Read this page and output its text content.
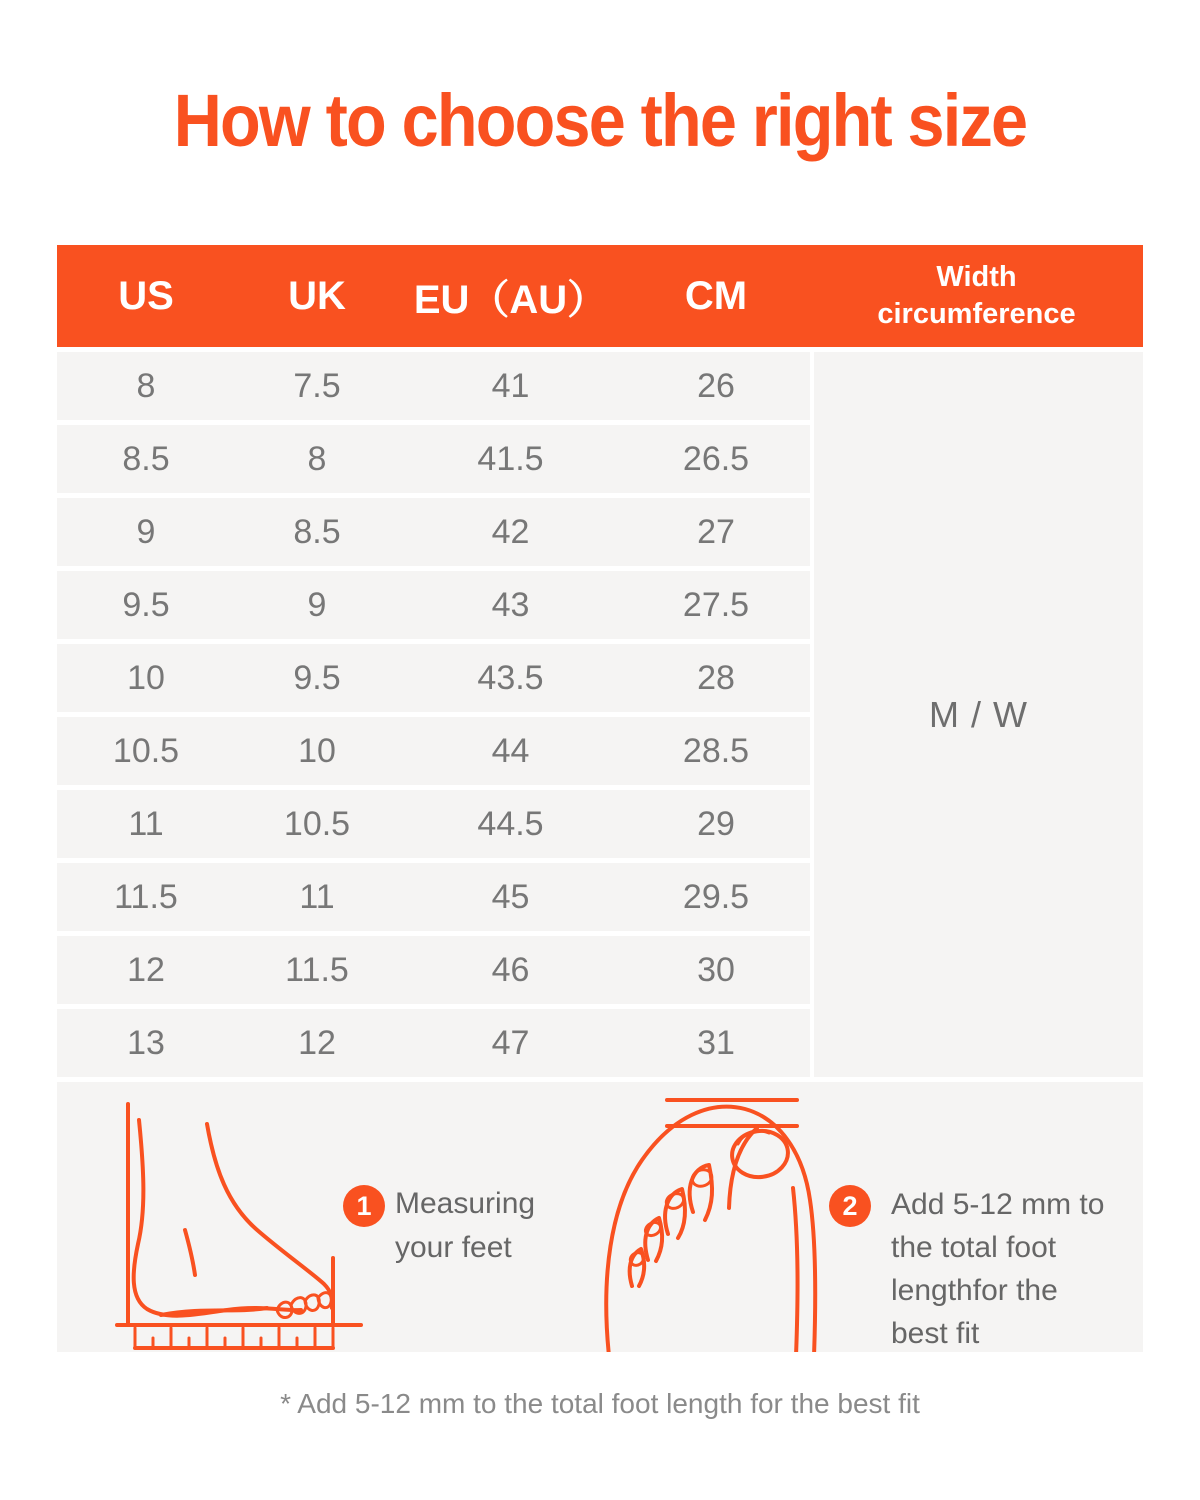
How to choose the right size
US	UK	EU（AU）	CM	Width
circumference
8	7.5	41	26
8.5	8	41.5	26.5
9	8.5	42	27
9.5	9	43	27.5
10	9.5	43.5	28
10.5	10	44	28.5
11	10.5	44.5	29
11.5	11	45	29.5
12	11.5	46	30
13	12	47	31
M / W
1 Measuring
your feet
2	Add 5-12 mm to
the total foot
lengthfor the
best fit
* Add 5-12 mm to the total foot length for the best fit
